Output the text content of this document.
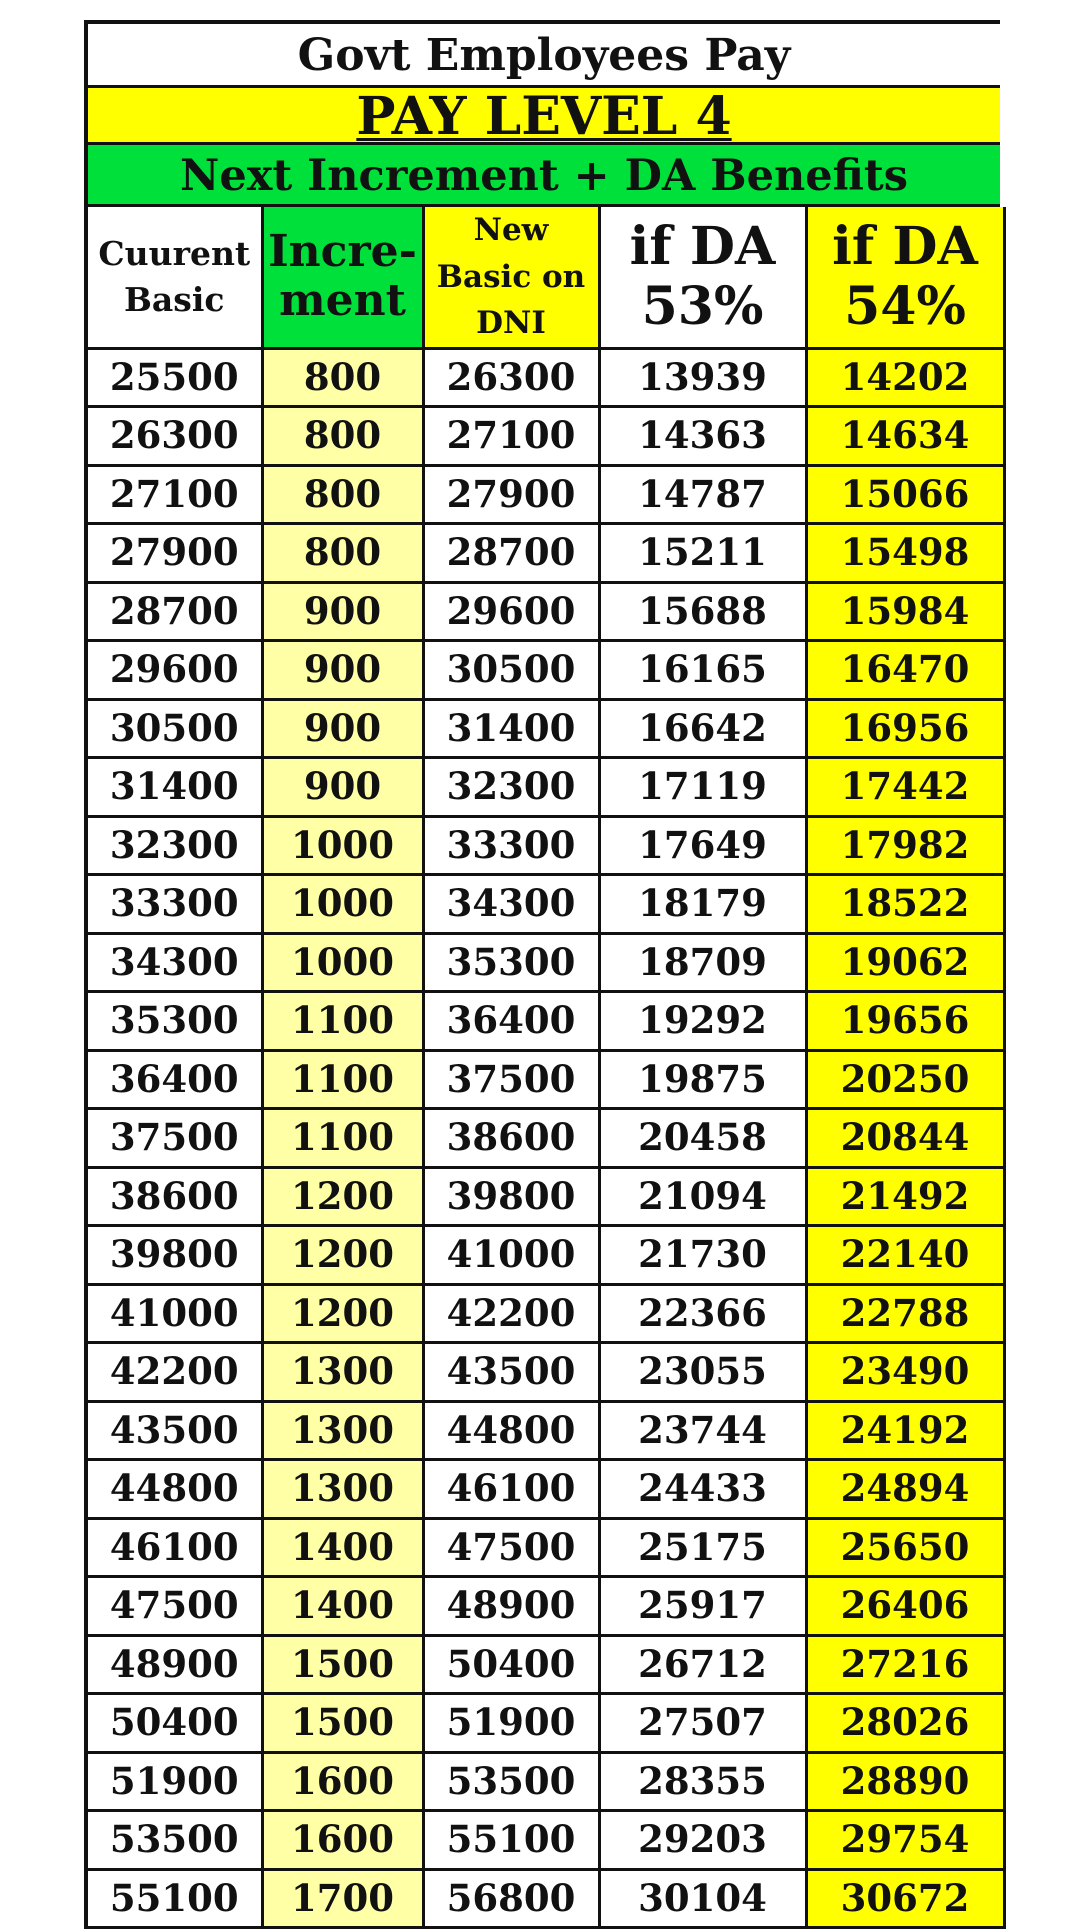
Govt Employees Pay
PAY LEVEL 4
Next Increment + DA Benefits
Cuurent Basic	Incre- ment	New Basic on DNI	if DA 53%	if DA 54%
25500	800	26300	13939	14202
26300	800	27100	14363	14634
27100	800	27900	14787	15066
27900	800	28700	15211	15498
28700	900	29600	15688	15984
29600	900	30500	16165	16470
30500	900	31400	16642	16956
31400	900	32300	17119	17442
32300	1000	33300	17649	17982
33300	1000	34300	18179	18522
34300	1000	35300	18709	19062
35300	1100	36400	19292	19656
36400	1100	37500	19875	20250
37500	1100	38600	20458	20844
38600	1200	39800	21094	21492
39800	1200	41000	21730	22140
41000	1200	42200	22366	22788
42200	1300	43500	23055	23490
43500	1300	44800	23744	24192
44800	1300	46100	24433	24894
46100	1400	47500	25175	25650
47500	1400	48900	25917	26406
48900	1500	50400	26712	27216
50400	1500	51900	27507	28026
51900	1600	53500	28355	28890
53500	1600	55100	29203	29754
55100	1700	56800	30104	30672
